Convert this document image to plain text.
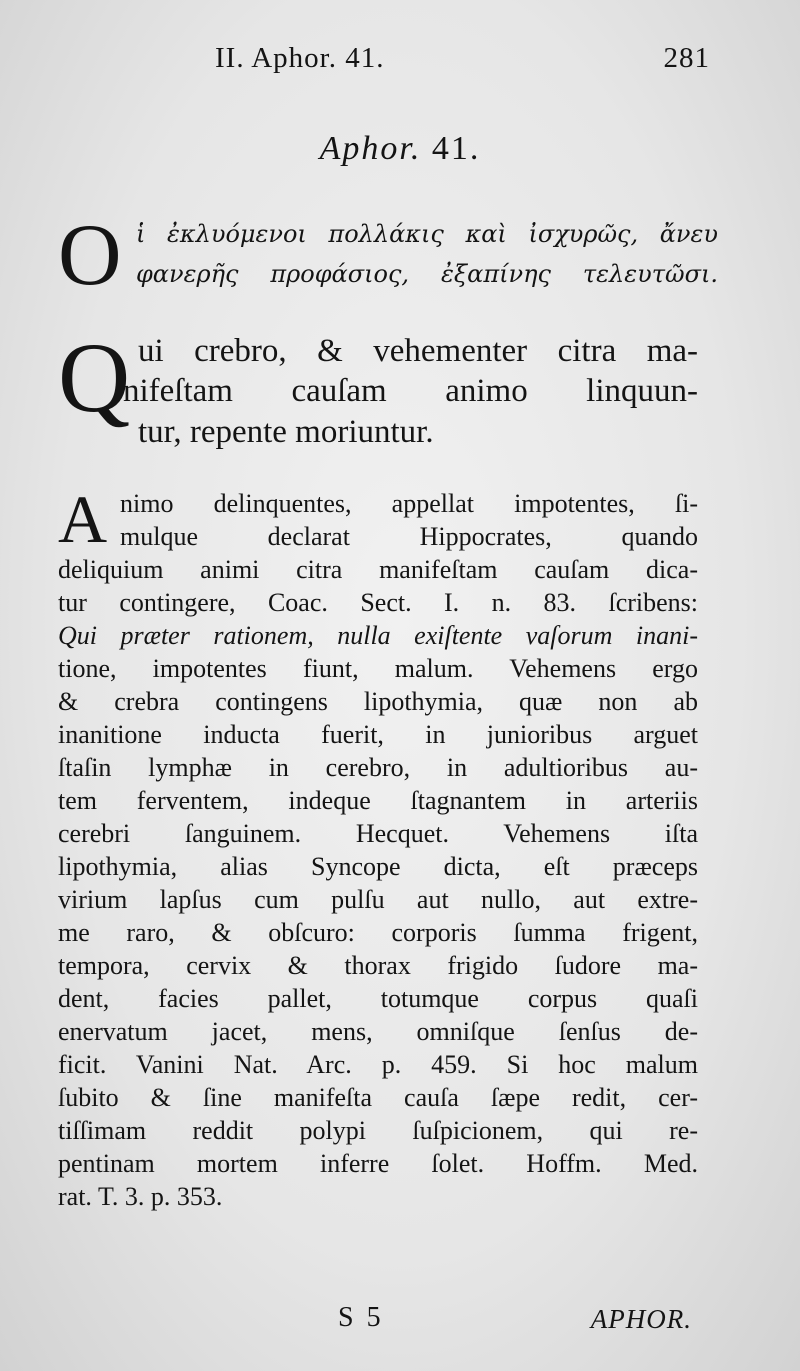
II. Aphor. 41.	281
Aphor. 41.
O ἱ ἐκλυόμενοι πολλάκις καὶ ἰσχυρῶς, ἄνευ
φανερῆς προφάσιος, ἐξαπίνης τελευτῶσι.
Q ui crebro, & vehementer citra ma-
nifeſtam cauſam animo linquun-
tur, repente moriuntur.
A nimo delinquentes, appellat impotentes, ſi-
mulque declarat Hippocrates, quando
deliquium animi citra manifeſtam cauſam dica-
tur contingere, Coac. Sect. I. n. 83. ſcribens:
Qui præter rationem, nulla exiſtente vaſorum inani-
tione, impotentes fiunt, malum. Vehemens ergo
& crebra contingens lipothymia, quæ non ab
inanitione inducta fuerit, in junioribus arguet
ſtaſin lymphæ in cerebro, in adultioribus au-
tem ferventem, indeque ſtagnantem in arteriis
cerebri ſanguinem. Hecquet. Vehemens iſta
lipothymia, alias Syncope dicta, eſt præceps
virium lapſus cum pulſu aut nullo, aut extre-
me raro, & obſcuro: corporis ſumma frigent,
tempora, cervix & thorax frigido ſudore ma-
dent, facies pallet, totumque corpus quaſi
enervatum jacet, mens, omniſque ſenſus de-
ficit. Vanini Nat. Arc. p. 459. Si hoc malum
ſubito & ſine manifeſta cauſa ſæpe redit, cer-
tiſſimam reddit polypi ſuſpicionem, qui re-
pentinam mortem inferre ſolet. Hoffm. Med.
rat. T. 3. p. 353.
S 5	APHOR.
